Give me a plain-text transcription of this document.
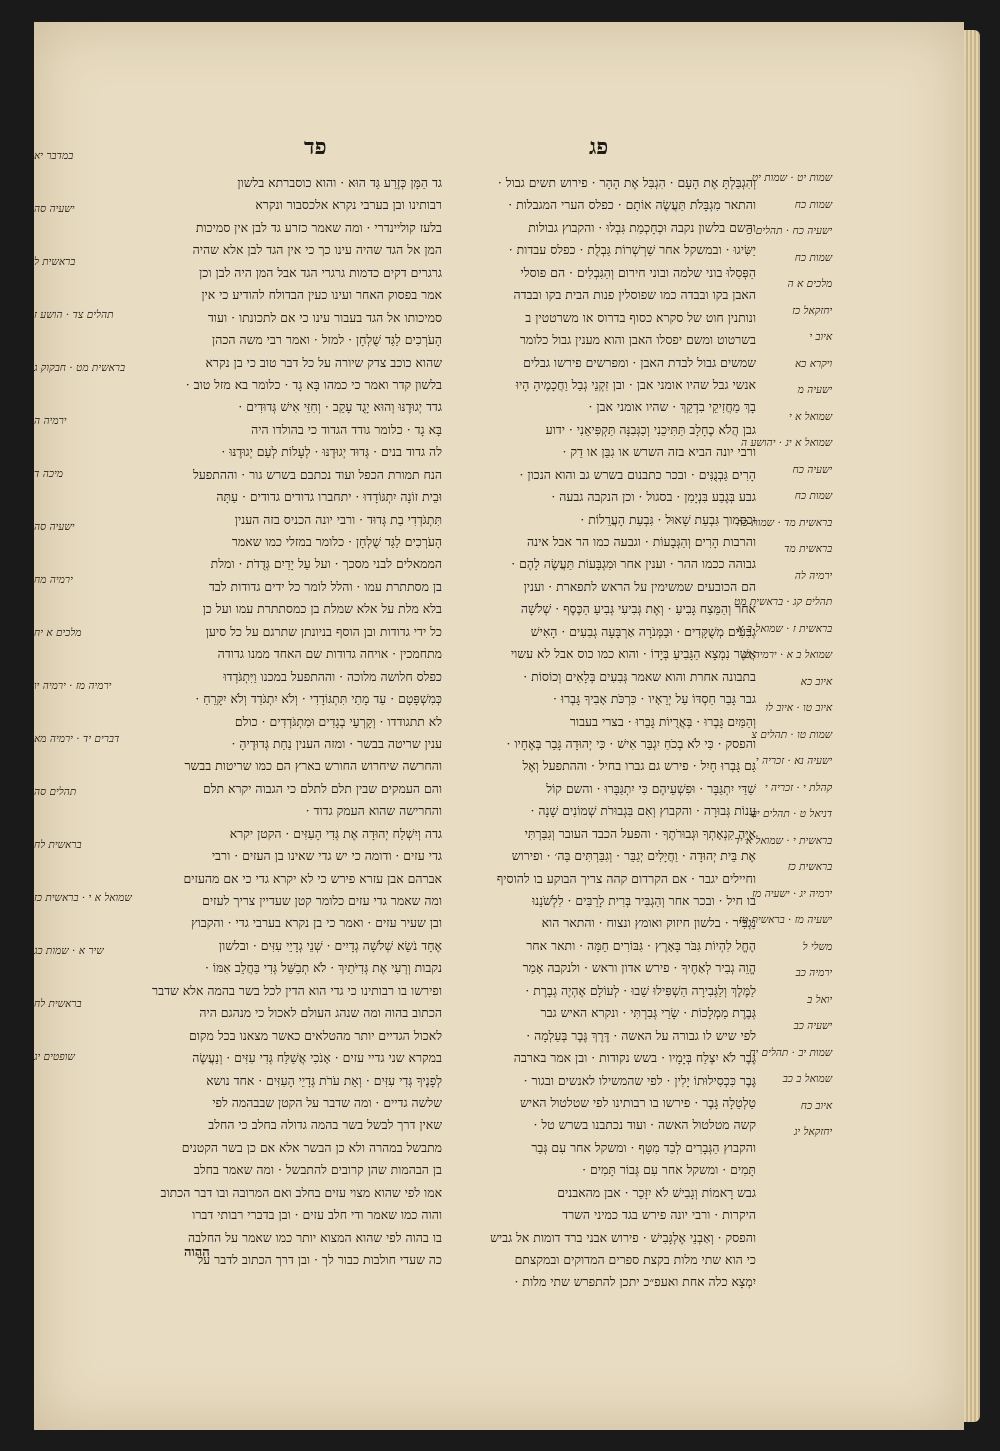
פד	פג
וְהִגְבַּלְתָּ אֶת הָעָם · הִגְבִּל אֶת הָהָר · פירוש תשים גבול ·
והתאר מִגְבָּלֹת תַּעֲשֶׂה אוֹתָם · כפלס הערי המגבלות ·
והשם בלשון נקבה וּכְחָכְמַת גִּבְלוּ · והקבוץ גבולות
יַשִּׂיגוּ · ובמשקל אחר שַׁרְשְׁרוֹת גַּבְלֻת · כפלס עבדות ·
הַפְּסִלוּ בוני שלמה ובוני חירום וְהַגִּבְלִים · הם פוסלי
האבן בקו ובבדה כמו שפוסלין פנות הבית בקו ובבדה
ונותנין חוט של סקרא כסוף בדרוס או משרטטין ב
בשרטוט ומשם יפסלו האבן והוא מענין גבול כלומר
שמשים גבול לבדת האבן · ומפרשים פירשו גבלים
אנשי גבל שהיו אומני אבן · ובן זִקְנֵי גְבַל וַחֲכָמֶיהָ הָיוּ
בָךְ מַחֲזִיקֵי בִדְקֵךְ · שהיו אומני אבן ·
גבן הֲלֹא כֶחָלָב תַּתִּיכֵנִי וְכַגְּבִנָּה תַּקְפִּיאֵנִי · ידוע
ורבי יונה הביא בזה השרש או גִבֵּן או דַק ·
הָרִים גַּבְנֻנִּים · ובכר כתבנום בשרש גב והוא הנכון ·
גבע בְּגֶבַע בִּנְיָמִן · בסגול · וכן הנקבה גבעה ·
וכסמוך גִּבְעַת שָׁאוּל · גִּבְעַת הָעֲרֵלוֹת ·
והרבות הָרִים וְהַגְּבָעוֹת · וגבעה כמו הר אבל אינה
גבוהה ככמו ההר · וענין אחר וּמִגְבָּעוֹת תַּעֲשֶׂה לָהֶם ·
הם הכובעים שמשימין על הראש לתפארת · וענין
אחר וְהַמֵּצַח גָּבִיעַ · וְאֶת גְּבִיעִי גְּבִיעַ הַכֶּסֶף · שְׁלֹשָׁה
גְבִעִים מְשֻׁקָּדִים · וּבַמְּנֹרָה אַרְבָּעָה גְבִעִים · הָאִישׁ
אֲשֶׁר נִמְצָא הַגָּבִיעַ בְּיָדוֹ · והוא כמו כוס אבל לא עשוי
בתבונה אחרת והוא שאמר גְּבִעִים בְּלָאִים וְכוֹסוֹת ·
גבר גָּבַר חַסְדּוֹ עַל יְרֵאָיו · כִּרְכֹּת אָבִיךָ גָּבְרוּ ·
וְהַמַּיִם גָּבְרוּ · בְּאֲרֻיוֹת גָּבֵרוּ · בצרי בעבור
והפסק · כִּי לֹא בְכֹחַ יִגְבַּר אִישׁ · כִּי יְהוּדָה גָּבַר בְּאֶחָיו ·
גַּם גָּבְרוּ חָיִל · פירש גם גברו בחיל · וההתפעל וְאֶל
שַׁדַּי יִתְגַּבָּר · וּפִשְׁעֵיהֶם כִּי יִתְגַּבָּרוּ · והשם קוֹל
עֲנוֹת גְּבוּרָה · והקבוץ וְאִם בִּגְבוּרֹת שְׁמוֹנִים שָׁנָה ·
אַיֵּה קִנְאָתְךָ וּגְבוּרֹתֶךָ · והפעל הכבד העובר וְגִבַּרְתִּי
אֶת בֵּית יְהוּדָה · וַחֲיָלִים יְגַבֵּר · וְגִבַּרְתִּים בַּה׳ · ופירוש
וחיילים יגבר · אם הקרדום קהה צריך הבוקע בו להוסיף
בו חיל · ובכר אחר וְהַגְבִּיר בְּרִית לָרַבִּים · לִלְשֹׁנֵנוּ
נַגְבִּיר · בלשון חיזוק ואומץ ונצוח · והתאר הוא
הֶחֱל לִהְיוֹת גִּבֹּר בָּאָרֶץ · גִּבּוֹרִים חֵמָּה · ותאר אחר
הֱוֵה גְבִיר לְאַחֶיךָ · פירש אדון וראש · ולנקבה אָמַר
לַמֶּלֶךְ וְלַגְּבִירָה הַשְׁפִּילוּ שֵׁבוּ · לְעוֹלָם אֶהְיֶה גְבָרֶת ·
גְּבֶרֶת מַמְלָכוֹת · שָׂרַי גְּבִרְתִּי · ונקרא האיש גבר
לפי שיש לו גבורה על האשה · דֶּרֶךְ גֶּבֶר בְּעַלְמָה ·
גֶּבֶר לֹא יִצְלַח בְּיָמָיו · בשש נקודות · ובן אמר בארבה
גֶּבֶר כִּכְסִילוּתוֹ יָלִין · לפי שהמשילו לאנשים ובגור ·
טַלְטֵלָה גָּבֶר · פירשו בו רבותינו לפי שטלטול האיש
קשה מטלטול האשה · ועוד נכתבנו בשרש טל ·
והקבוץ הַגְּבָרִים לְבַד מִטָּף · ומשקל אחר עִם גְּבַר
תָּמִים · ומשקל אחר עִם גְּבוֹר תָּמִים ·
גבש רָאמוֹת וְגָבִישׁ לֹא יִזָּכֵר · אבן מהאבנים
היקרות · ורבי יונה פירש בגד כמיני השרד
והפסק · וְאַבְנֵי אֶלְגָּבִישׁ · פירוש אבני ברד דומות אל גביש
כי הוא שתי מלות בקצת ספרים המדוקים ובמקצתם
יִמְצָא כלה אחת ואעפ״כ יתכן להתפרש שתי מלות ·
גד הַמָּן כְּזֶרַע גַּד הוּא · והוא כוסברתא בלשון
רבותינו ובן בערבי נקרא אלכסבור ונקרא
בלעז קוליינדרי · ומה שאמר כזרע גד לבן אין סמיכות
המן אל הגד שהיה עינו כך כי אין הגד לבן אלא שהיה
גרגרים דקים כדמות גרגרי הגד אבל המן היה לבן וכן
אמר בפסוק האחר ועינו כעין הבדולח להודיע כי אין
סמיכותו אל הגד בעבור עינו כי אם לתכונתו · ועוד
הָעֹרְכִים לַגַּד שֻׁלְחָן · למזל · ואמר רבי משה הכהן
שהוא כוכב צדק שיורה על כל דבר טוב כי בן נקרא
בלשון קדר ואמר כי כמהו בָּא גָד · כלומר בא מזל טוב ·
גדד יְגוּדֶנּוּ וְהוּא יָגֻד עָקֵב · וְחִזֵּי אִישׁ גְּדוּדִים ·
בָּא גָד · כלומר גודד הגדוד כי בהולדו היה
לה גדוד בנים · גְּדוּד יְגוּדֶנּוּ · לְעָלוֹת לְעַם יְגוּדֶנּוּ ·
הנח תמורת הכפל ועוד נכתבם בשרש גור · וההתפעל
וּבֵית זוֹנָה יִתְגּוֹדָדוּ · יתחברו גדודים גדודים · עַתָּה
תִּתְגֹּדְדִי בַת גְּדוּד · ורבי יונה הכניס בזה הענין
הָעֹרְכִים לַגַּד שֻׁלְחָן · כלומר במזלי כמו שאמר
הממאלים לבני מסכך · ועל עַל יָדַיִם גְּדֻדֹת · ומלת
בן מסתתרת עמו · והלל לומר כל ידים גדודות לבד
בלא מלת על אלא שמלת בן כמסתתרת עמו ועל כן
כל ידי גדודות ובן הוסף בניונתן שתרגם על כל סיען
מתחמכין · אויחה גדודות שם האחד ממנו גדודה
כפלס חלושה מלוכה · וההתפעל במכנו וַיִּתְגֹּדְדוּ
כְּמִשְׁפָּטָם · עַד מָתַי תִּתְגּוֹדָדִי · וְלֹא יִתְגֹּדַד וְלֹא יִקָּרֵחַ ·
לא תתגודדו · וְקָרְעֵי בְגָדִים וּמִתְגֹּדְדִים · כולם
ענין שריטה בבשר · ומזה הענין נַחַת גְּדוּדֶיהָ ·
והחרשה שיחרוש החורש בארץ הם כמו שריטות בבשר
והם העמקים שבין תלם לתלם כי הגבוה יקרא תלם
והחרישה שהוא העמק גדוד ·
גדה וְיִשְׁלַח יְהוּדָה אֶת גְּדִי הָעִזִּים · הקטן יקרא
גדי עזים · ודומה כי יש גדי שאינו בן העזים · ורבי
אברהם אבן עזרא פירש כי לא יקרא גדי כי אם מהעזים
ומה שאמר גדי עזים כלומר קטן שעדיין צריך לעזים
ובן שעיר עזים · ואמר כי בן נקרא בערבי גדי · והקבוץ
אֶחָד נֹשֵׂא שְׁלֹשָׁה גְדָיִים · שְׁנֵי גְדָיֵי עִזִּים · ובלשון
נקבות וְרְעִי אֶת גְּדִיֹּתַיִךְ · לֹא תְבַשֵּׁל גְּדִי בַּחֲלֵב אִמּוֹ ·
ופירשו בו רבותינו כי גדי הוא הדין לכל בשר בהמה אלא שדבר
הכתוב בהוה ומה שנהג העולם לאכול כי מנהגם היה
לאכול הגדיים יותר מהטלאים כאשר מצאנו בכל מקום
במקרא שני גדיי עזים · אָנֹכִי אֲשַׁלַּח גְּדִי עִזִּים · וְנַעֲשֶׂה
לְפָנֶיךָ גְּדִי עִזִּים · וְאֵת עֹרֹת גְּדָיֵי הָעִזִּים · אחד נושא
שלשה גדיים · ומה שדבר על הקטן שבבהמה לפי
שאין דרך לבשל בשר בהמה גדולה בחלב כי החלב
מתבשל במהרה ולא כן הבשר אלא אם כן בשר הקטנים
בן הבהמות שהן קרובים להתבשל · ומה שאמר בחלב
אמו לפי שהוא מצוי עזים בחלב ואם המרובה ובו דבר הכתוב
והוה כמו שאמר ודי חלב עזים · ובן בדברי רבותי דברו
בו בהוה לפי שהוא המצוא יותר כמו שאמר על החלבה
כה שעדי חולבות כבור לך · ובן דרך הכתוב לדבר על
ההוה
שמות יט · שמות יט
שמות כח
ישעיה כח · תהלים כ
שמות כח
מלכים א ה
יחזקאל כז
איוב י
ויקרא כא
ישעיה מ
שמואל א י
שמואל א יג · יהושע ה
ישעיה כח
שמות כח
בראשית מד · שמות כה
בראשית מד
ירמיה לה
תהלים קג · בראשית מט
בראשית ז · שמואל ב א
שמואל ב א · ירמיה ט
איוב כא
איוב טו · איוב לו
שמות טו · תהלים צ
ישעיה נא · זכריה י
קהלת י · זכריה י
דניאל ט · תהלים יב
בראשית י · שמואל א יד
בראשית כז
ירמיה יג · ישעיה מז
ישעיה מז · בראשית טז
משלי ל
ירמיה כב
יואל ב
ישעיה כב
שמות יב · תהלים יח
שמואל ב כב
איוב כח
יחזקאל יג
במדבר יא
ישעיה סה
בראשית ל
תהלים צד · הושע ז
בראשית מט · חבקוק ג
ירמיה ה
מיכה ד
ישעיה סה
ירמיה מח
מלכים א יח
ירמיה מז · ירמיה יו
דברים יד · ירמיה מא
תהלים סה
בראשית לח
שמואל א י · בראשית כז
שיר א · שמות כג
בראשית לח
שופטים יג
